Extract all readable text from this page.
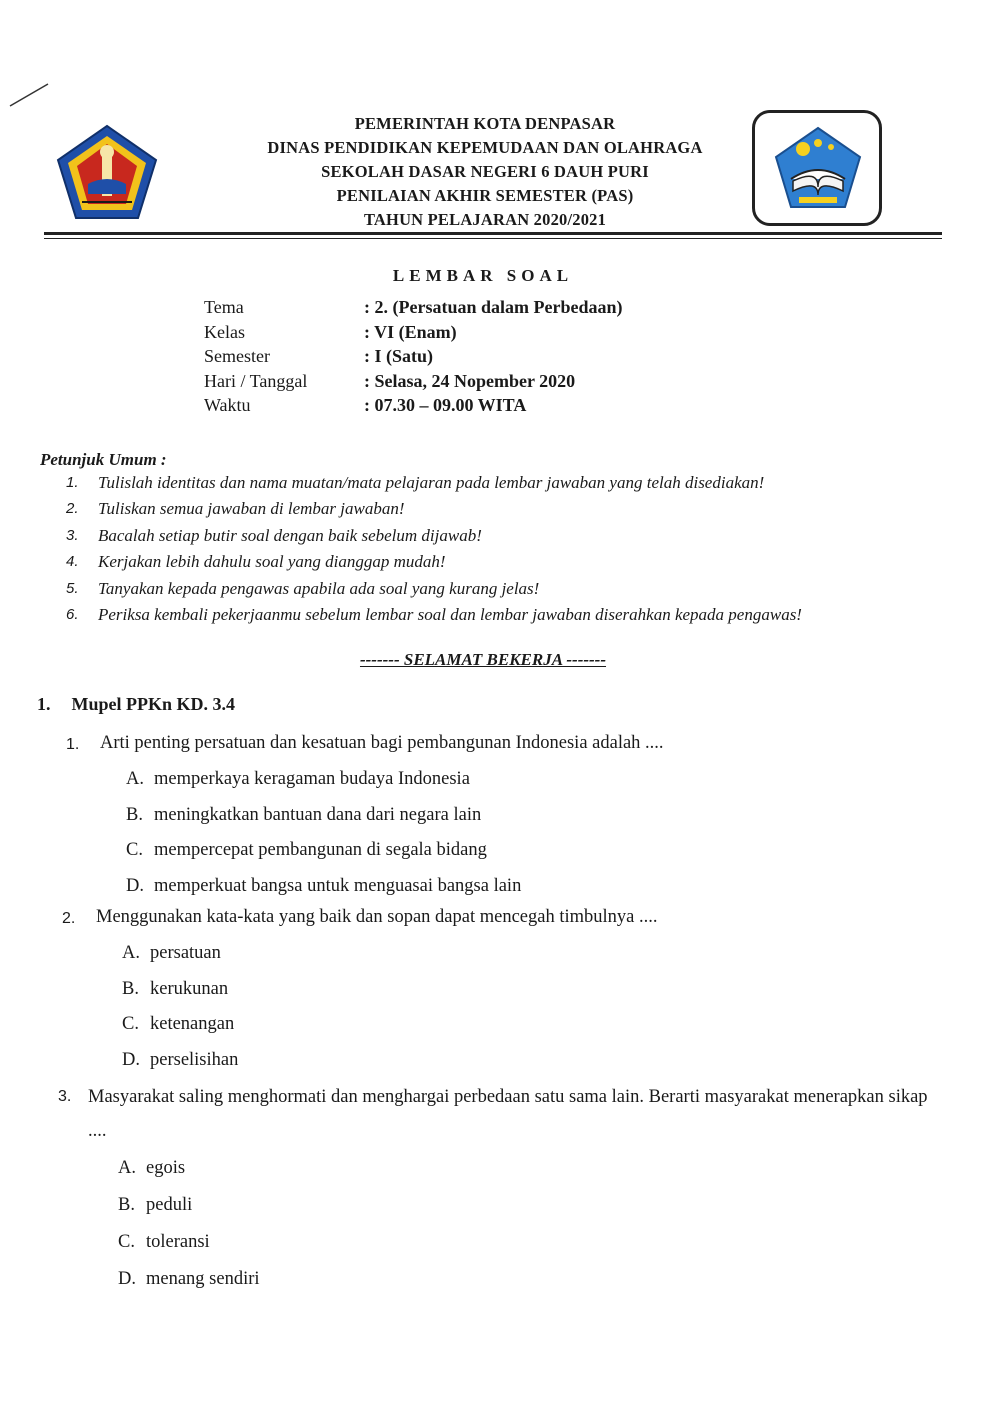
PEMERINTAH KOTA DENPASAR
DINAS PENDIDIKAN KEPEMUDAAN DAN OLAHRAGA
SEKOLAH DASAR NEGERI 6 DAUH PURI
PENILAIAN AKHIR SEMESTER (PAS)
TAHUN PELAJARAN 2020/2021
LEMBAR SOAL
Tema	: 2. (Persatuan dalam Perbedaan)
Kelas	: VI (Enam)
Semester	: I (Satu)
Hari / Tanggal	: Selasa, 24 Nopember 2020
Waktu	: 07.30 – 09.00 WITA
Petunjuk Umum :
1.	Tulislah identitas dan nama muatan/mata pelajaran pada lembar jawaban yang telah disediakan!
2.	Tuliskan semua jawaban di lembar jawaban!
3.	Bacalah setiap butir soal dengan baik sebelum dijawab!
4.	Kerjakan lebih dahulu soal yang dianggap mudah!
5.	Tanyakan kepada pengawas apabila ada soal yang kurang jelas!
6.	Periksa kembali pekerjaanmu sebelum lembar soal dan lembar jawaban diserahkan kepada pengawas!
------- SELAMAT BEKERJA -------
1. Mupel PPKn KD. 3.4
1.	Arti penting persatuan dan kesatuan bagi pembangunan Indonesia adalah ....
A. memperkaya keragaman budaya Indonesia
B. meningkatkan bantuan dana dari negara lain
C. mempercepat pembangunan di segala bidang
D. memperkuat bangsa untuk menguasai bangsa lain
2.	Menggunakan kata-kata yang baik dan sopan dapat mencegah timbulnya ....
A. persatuan
B. kerukunan
C. ketenangan
D. perselisihan
3. Masyarakat saling menghormati dan menghargai perbedaan satu sama lain. Berarti masyarakat menerapkan sikap ....
A. egois
B. peduli
C. toleransi
D. menang sendiri
